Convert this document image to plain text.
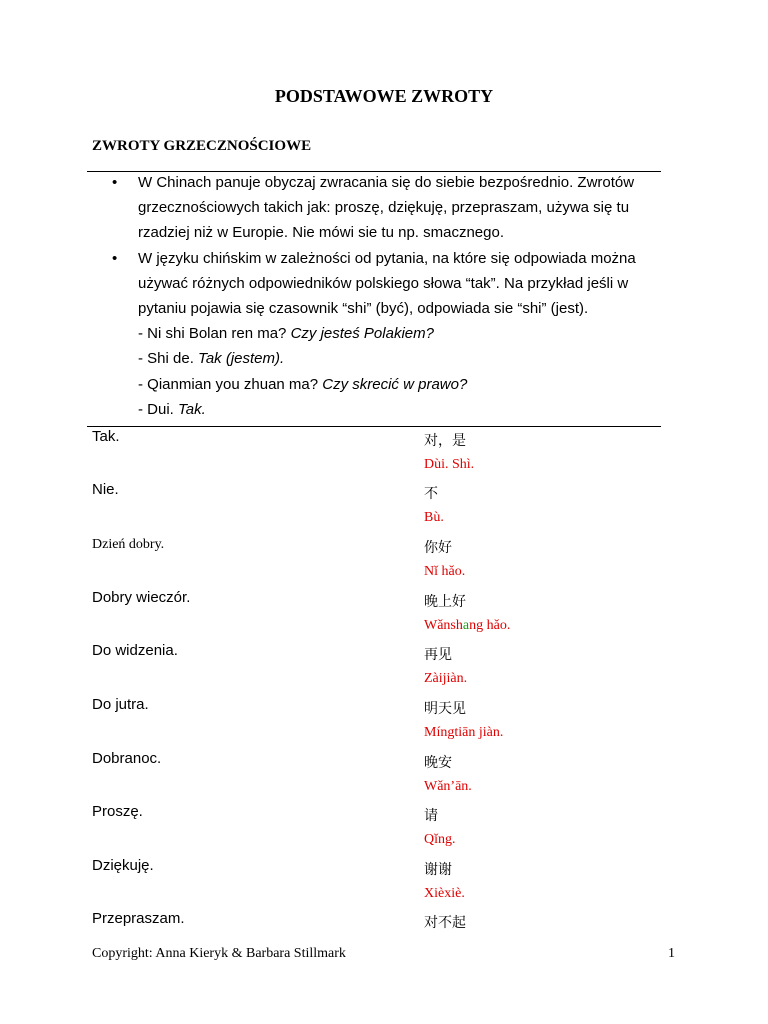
PODSTAWOWE ZWROTY
ZWROTY GRZECZNOŚCIOWE
• W Chinach panuje obyczaj zwracania się do siebie bezpośrednio. Zwrotów
grzecznościowych takich jak: proszę, dziękuję, przepraszam, używa się tu
rzadziej niż w Europie. Nie mówi sie tu np. smacznego.
• W języku chińskim w zależności od pytania, na które się odpowiada można
używać różnych odpowiedników polskiego słowa “tak”. Na przykład jeśli w
pytaniu pojawia się czasownik “shi” (być), odpowiada sie “shi” (jest).
- Ni shi Bolan ren ma? Czy jesteś Polakiem?
- Shi de. Tak (jestem).
- Qianmian you zhuan ma? Czy skrecić w prawo?
- Dui. Tak.
Tak.	对，是
Dùi. Shì.
Nie.	不
Bù.
Dzień dobry.	你好
Nǐ hǎo.
Dobry wieczór.	晚上好
Wǎnshang hǎo.
Do widzenia.	再见
Zàijiàn.
Do jutra.	明天见
Míngtiān jiàn.
Dobranoc.	晚安
Wǎn’ān.
Proszę.	请
Qǐng.
Dziękuję.	谢谢
Xièxiè.
Przepraszam.	对不起
Copyright: Anna Kieryk & Barbara Stillmark	1
